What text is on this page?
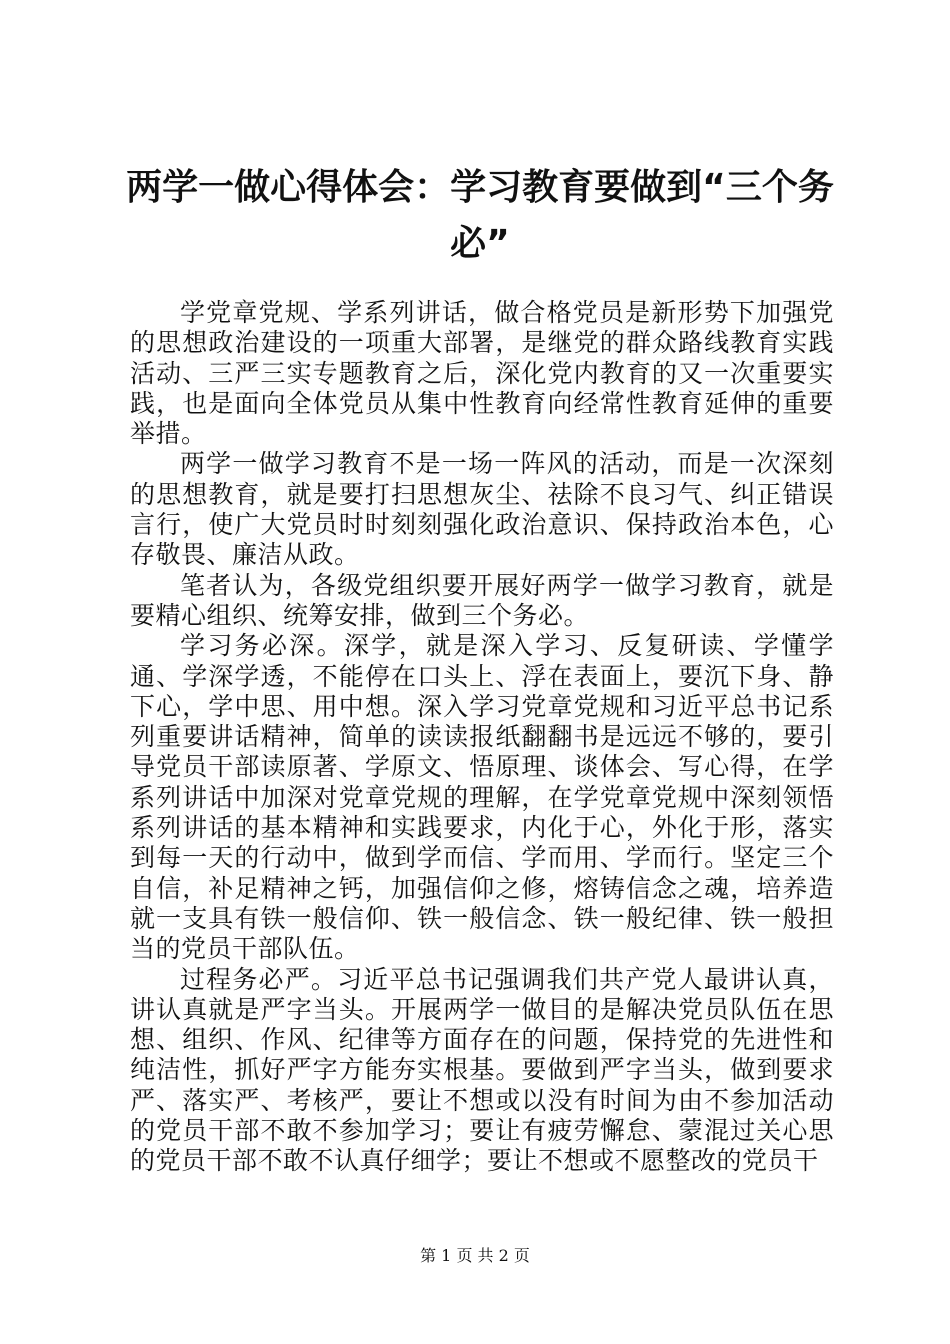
两学一做心得体会：学习教育要做到“三个务必”

学党章党规、学系列讲话，做合格党员是新形势下加强党的思想政治建设的一项重大部署，是继党的群众路线教育实践活动、三严三实专题教育之后，深化党内教育的又一次重要实践，也是面向全体党员从集中性教育向经常性教育延伸的重要举措。

两学一做学习教育不是一场一阵风的活动，而是一次深刻的思想教育，就是要打扫思想灰尘、祛除不良习气、纠正错误言行，使广大党员时时刻刻强化政治意识、保持政治本色，心存敬畏、廉洁从政。

笔者认为，各级党组织要开展好两学一做学习教育，就是要精心组织、统筹安排，做到三个务必。

学习务必深。深学，就是深入学习、反复研读、学懂学通、学深学透，不能停在口头上、浮在表面上，要沉下身、静下心，学中思、用中想。深入学习党章党规和习近平总书记系列重要讲话精神，简单的读读报纸翻翻书是远远不够的，要引导党员干部读原著、学原文、悟原理、谈体会、写心得，在学系列讲话中加深对党章党规的理解，在学党章党规中深刻领悟系列讲话的基本精神和实践要求，内化于心，外化于形，落实到每一天的行动中，做到学而信、学而用、学而行。坚定三个自信，补足精神之钙，加强信仰之修，熔铸信念之魂，培养造就一支具有铁一般信仰、铁一般信念、铁一般纪律、铁一般担当的党员干部队伍。

过程务必严。习近平总书记强调我们共产党人最讲认真，讲认真就是严字当头。开展两学一做目的是解决党员队伍在思想、组织、作风、纪律等方面存在的问题，保持党的先进性和纯洁性，抓好严字方能夯实根基。要做到严字当头，做到要求严、落实严、考核严，要让不想或以没有时间为由不参加活动的党员干部不敢不参加学习；要让有疲劳懈怠、蒙混过关心思的党员干部不敢不认真仔细学；要让不想或不愿整改的党员干

第 1 页 共 2 页
